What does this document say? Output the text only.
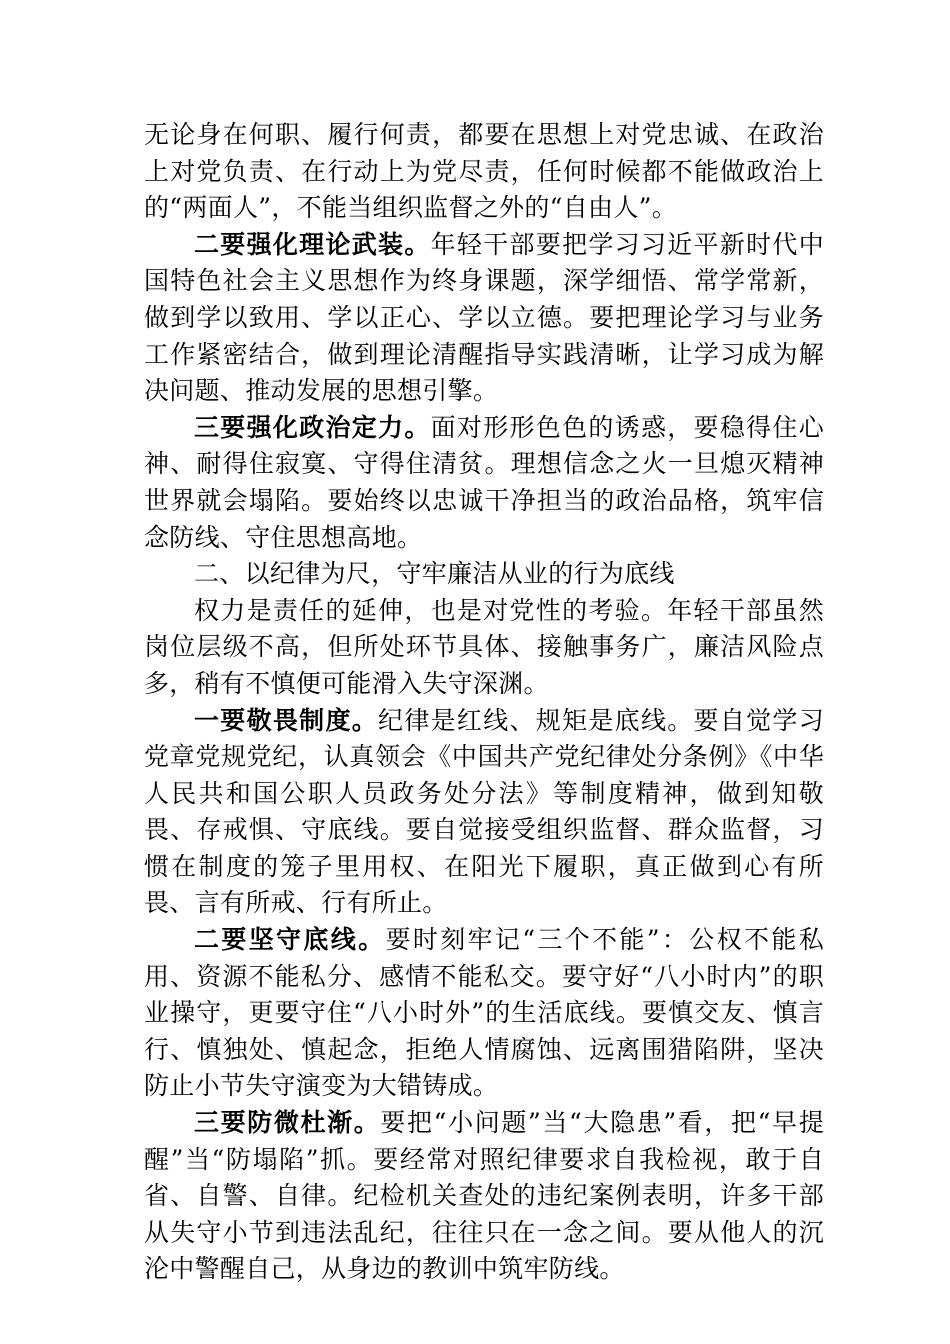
无论身在何职、履行何责，都要在思想上对党忠诚、在政治上对党负责、在行动上为党尽责，任何时候都不能做政治上的“两面人”，不能当组织监督之外的“自由人”。

二要强化理论武装。年轻干部要把学习习近平新时代中国特色社会主义思想作为终身课题，深学细悟、常学常新，做到学以致用、学以正心、学以立德。要把理论学习与业务工作紧密结合，做到理论清醒指导实践清晰，让学习成为解决问题、推动发展的思想引擎。

三要强化政治定力。面对形形色色的诱惑，要稳得住心神、耐得住寂寞、守得住清贫。理想信念之火一旦熄灭精神世界就会塌陷。要始终以忠诚干净担当的政治品格，筑牢信念防线、守住思想高地。

二、以纪律为尺，守牢廉洁从业的行为底线

权力是责任的延伸，也是对党性的考验。年轻干部虽然岗位层级不高，但所处环节具体、接触事务广，廉洁风险点多，稍有不慎便可能滑入失守深渊。

一要敬畏制度。纪律是红线、规矩是底线。要自觉学习党章党规党纪，认真领会《中国共产党纪律处分条例》《中华人民共和国公职人员政务处分法》等制度精神，做到知敬畏、存戒惧、守底线。要自觉接受组织监督、群众监督，习惯在制度的笼子里用权、在阳光下履职，真正做到心有所畏、言有所戒、行有所止。

二要坚守底线。要时刻牢记“三个不能”：公权不能私用、资源不能私分、感情不能私交。要守好“八小时内”的职业操守，更要守住“八小时外”的生活底线。要慎交友、慎言行、慎独处、慎起念，拒绝人情腐蚀、远离围猎陷阱，坚决防止小节失守演变为大错铸成。

三要防微杜渐。要把“小问题”当“大隐患”看，把“早提醒”当“防塌陷”抓。要经常对照纪律要求自我检视，敢于自省、自警、自律。纪检机关查处的违纪案例表明，许多干部从失守小节到违法乱纪，往往只在一念之间。要从他人的沉沦中警醒自己，从身边的教训中筑牢防线。
